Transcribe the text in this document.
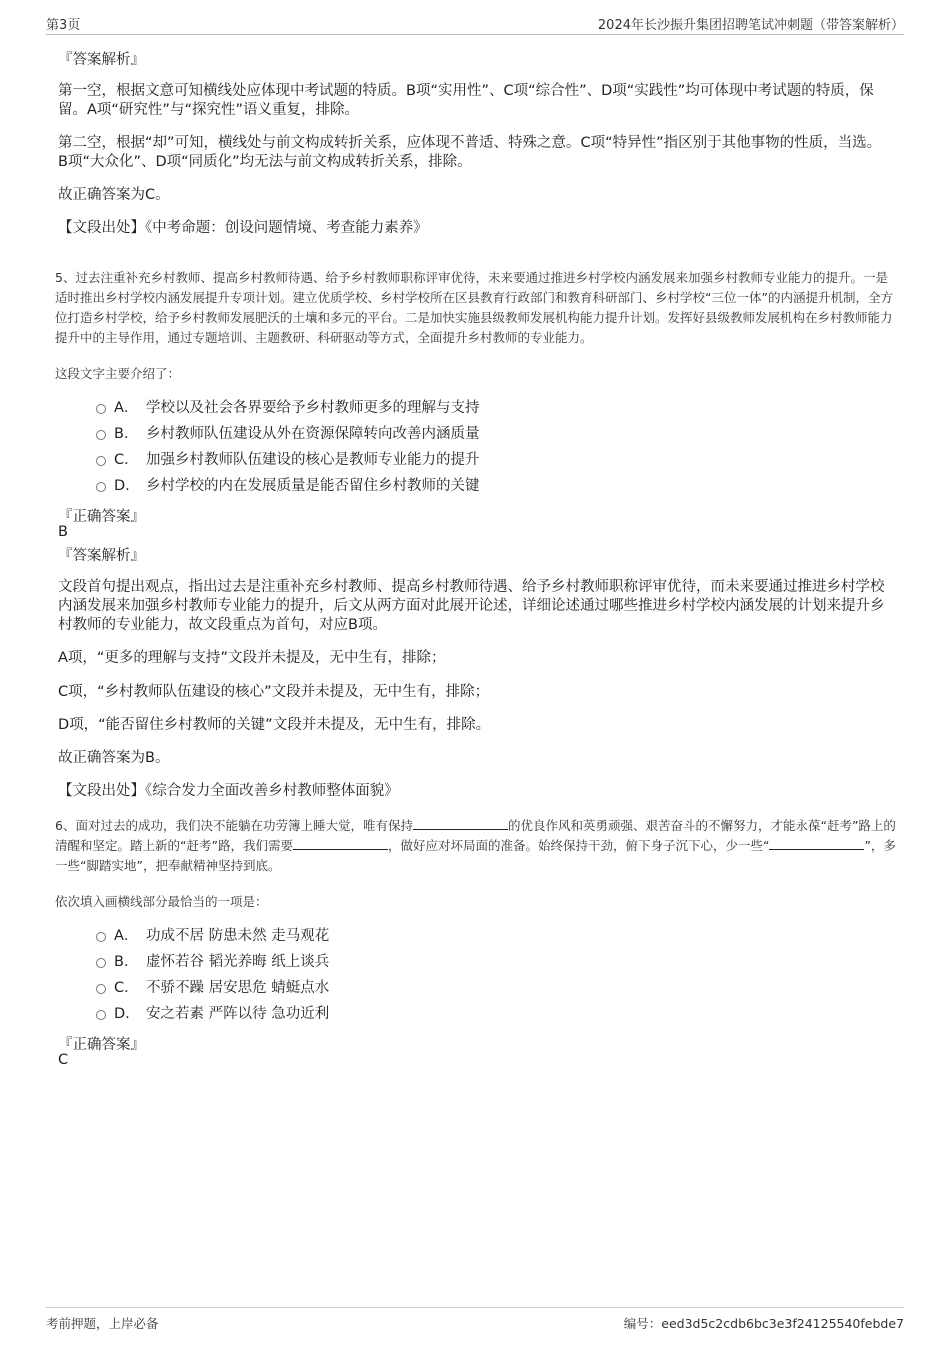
第3页	2024年长沙振升集团招聘笔试冲刺题（带答案解析）
『答案解析』
第一空，根据文意可知横线处应体现中考试题的特质。B项“实用性”、C项“综合性”、D项“实践性”均可体现中考试题的特质，保留。A项“研究性”与“探究性”语义重复，排除。
第二空，根据“却”可知，横线处与前文构成转折关系，应体现不普适、特殊之意。C项“特异性”指区别于其他事物的性质，当选。B项“大众化”、D项“同质化”均无法与前文构成转折关系，排除。
故正确答案为C。
【文段出处】《中考命题：创设问题情境、考查能力素养》
5、过去注重补充乡村教师、提高乡村教师待遇、给予乡村教师职称评审优待，未来要通过推进乡村学校内涵发展来加强乡村教师专业能力的提升。一是适时推出乡村学校内涵发展提升专项计划。建立优质学校、乡村学校所在区县教育行政部门和教育科研部门、乡村学校“三位一体”的内涵提升机制，全方位打造乡村学校，给予乡村教师发展肥沃的土壤和多元的平台。二是加快实施县级教师发展机构能力提升计划。发挥好县级教师发展机构在乡村教师能力提升中的主导作用，通过专题培训、主题教研、科研驱动等方式，全面提升乡村教师的专业能力。
这段文字主要介绍了：
A． 学校以及社会各界要给予乡村教师更多的理解与支持
B． 乡村教师队伍建设从外在资源保障转向改善内涵质量
C． 加强乡村教师队伍建设的核心是教师专业能力的提升
D． 乡村学校的内在发展质量是能否留住乡村教师的关键
『正确答案』
B
『答案解析』
文段首句提出观点，指出过去是注重补充乡村教师、提高乡村教师待遇、给予乡村教师职称评审优待，而未来要通过推进乡村学校内涵发展来加强乡村教师专业能力的提升，后文从两方面对此展开论述，详细论述通过哪些推进乡村学校内涵发展的计划来提升乡村教师的专业能力，故文段重点为首句，对应B项。
A项，“更多的理解与支持”文段并未提及，无中生有，排除；
C项，“乡村教师队伍建设的核心”文段并未提及，无中生有，排除；
D项，“能否留住乡村教师的关键”文段并未提及，无中生有，排除。
故正确答案为B。
【文段出处】《综合发力全面改善乡村教师整体面貌》
6、面对过去的成功，我们决不能躺在功劳簿上睡大觉，唯有保持	的优良作风和英勇顽强、艰苦奋斗的不懈努力，才能永葆“赶考”路上的清醒和坚定。踏上新的“赶考”路，我们需要	，做好应对坏局面的准备。始终保持干劲，俯下身子沉下心，少一些“	”，多一些“脚踏实地”，把奉献精神坚持到底。
依次填入画横线部分最恰当的一项是：
A． 功成不居 防患未然 走马观花
B． 虚怀若谷 韬光养晦 纸上谈兵
C． 不骄不躁 居安思危 蜻蜓点水
D． 安之若素 严阵以待 急功近利
『正确答案』
C
考前押题，上岸必备	编号：eed3d5c2cdb6bc3e3f24125540febde7
